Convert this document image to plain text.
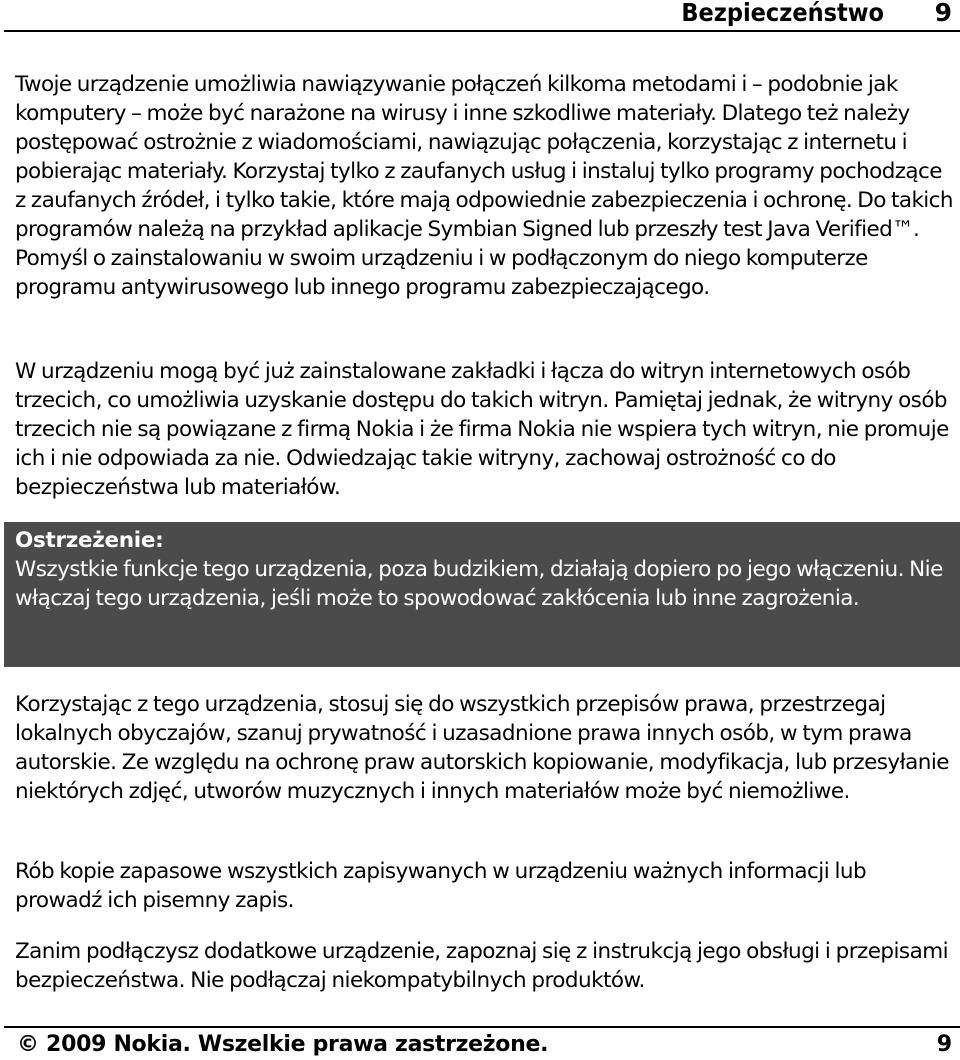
Bezpieczeństwo 9

Twoje urządzenie umożliwia nawiązywanie połączeń kilkoma metodami i – podobnie jak komputery – może być narażone na wirusy i inne szkodliwe materiały. Dlatego też należy postępować ostrożnie z wiadomościami, nawiązując połączenia, korzystając z internetu i pobierając materiały. Korzystaj tylko z zaufanych usług i instaluj tylko programy pochodzące z zaufanych źródeł, i tylko takie, które mają odpowiednie zabezpieczenia i ochronę. Do takich programów należą na przykład aplikacje Symbian Signed lub przeszły test Java Verified™. Pomyśl o zainstalowaniu w swoim urządzeniu i w podłączonym do niego komputerze programu antywirusowego lub innego programu zabezpieczającego.

W urządzeniu mogą być już zainstalowane zakładki i łącza do witryn internetowych osób trzecich, co umożliwia uzyskanie dostępu do takich witryn. Pamiętaj jednak, że witryny osób trzecich nie są powiązane z firmą Nokia i że firma Nokia nie wspiera tych witryn, nie promuje ich i nie odpowiada za nie. Odwiedzając takie witryny, zachowaj ostrożność co do bezpieczeństwa lub materiałów.

Ostrzeżenie:
Wszystkie funkcje tego urządzenia, poza budzikiem, działają dopiero po jego włączeniu. Nie włączaj tego urządzenia, jeśli może to spowodować zakłócenia lub inne zagrożenia.

Korzystając z tego urządzenia, stosuj się do wszystkich przepisów prawa, przestrzegaj lokalnych obyczajów, szanuj prywatność i uzasadnione prawa innych osób, w tym prawa autorskie. Ze względu na ochronę praw autorskich kopiowanie, modyfikacja, lub przesyłanie niektórych zdjęć, utworów muzycznych i innych materiałów może być niemożliwe.

Rób kopie zapasowe wszystkich zapisywanych w urządzeniu ważnych informacji lub prowadź ich pisemny zapis.

Zanim podłączysz dodatkowe urządzenie, zapoznaj się z instrukcją jego obsługi i przepisami bezpieczeństwa. Nie podłączaj niekompatybilnych produktów.

© 2009 Nokia. Wszelkie prawa zastrzeżone.	9
